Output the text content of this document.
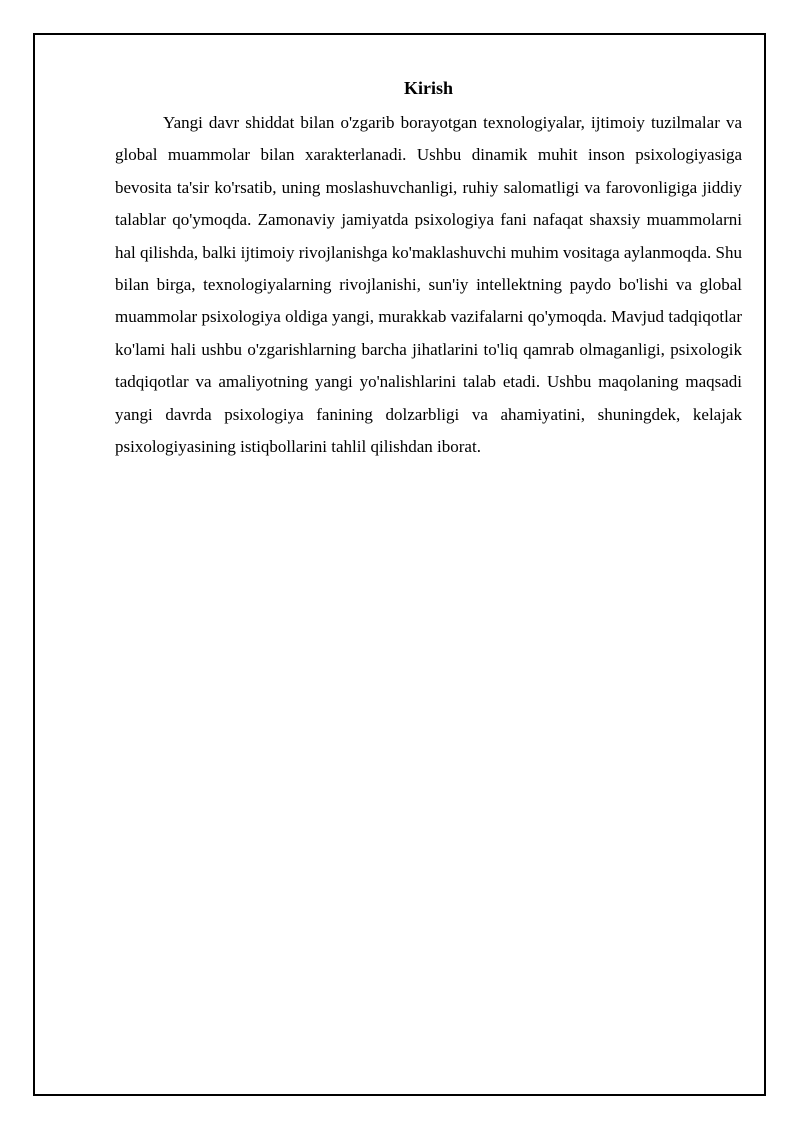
Kirish

Yangi davr shiddat bilan o'zgarib borayotgan texnologiyalar, ijtimoiy tuzilmalar va global muammolar bilan xarakterlanadi. Ushbu dinamik muhit inson psixologiyasiga bevosita ta'sir ko'rsatib, uning moslashuvchanligi, ruhiy salomatligi va farovonligiga jiddiy talablar qo'ymoqda. Zamonaviy jamiyatda psixologiya fani nafaqat shaxsiy muammolarni hal qilishda, balki ijtimoiy rivojlanishga ko'maklashuvchi muhim vositaga aylanmoqda. Shu bilan birga, texnologiyalarning rivojlanishi, sun'iy intellektning paydo bo'lishi va global muammolar psixologiya oldiga yangi, murakkab vazifalarni qo'ymoqda. Mavjud tadqiqotlar ko'lami hali ushbu o'zgarishlarning barcha jihatlarini to'liq qamrab olmaganligi, psixologik tadqiqotlar va amaliyotning yangi yo'nalishlarini talab etadi. Ushbu maqolaning maqsadi yangi davrda psixologiya fanining dolzarbligi va ahamiyatini, shuningdek, kelajak psixologiyasining istiqbollarini tahlil qilishdan iborat.
